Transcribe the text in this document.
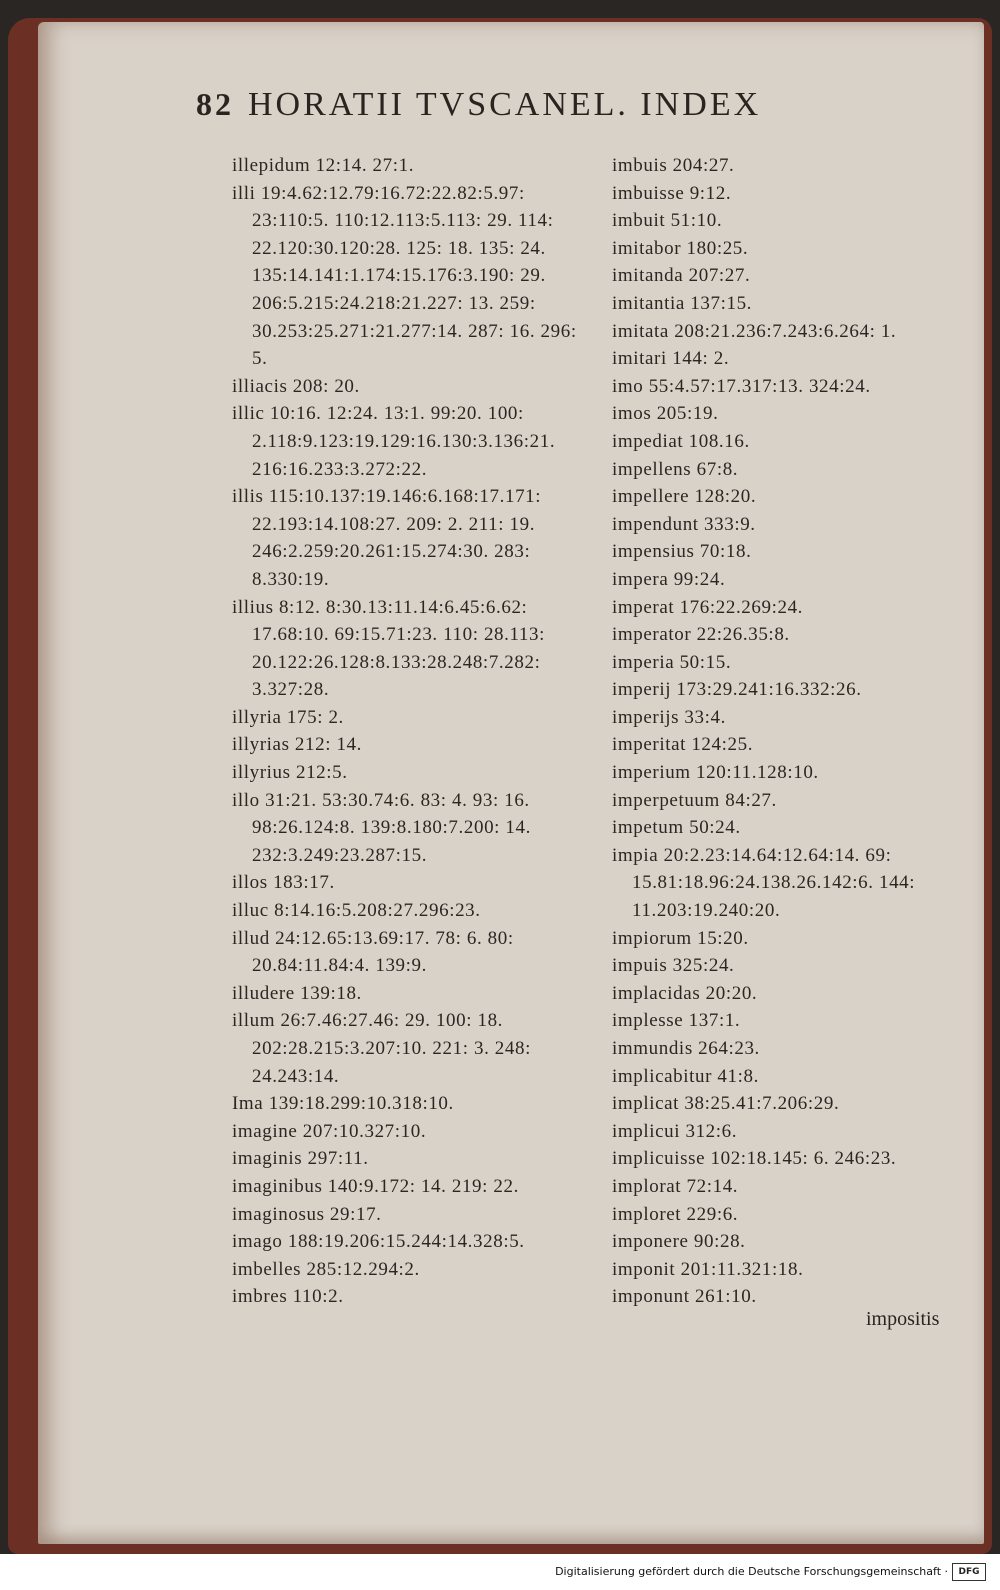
82 HORATII TVSCANEL. INDEX
illepidum 12:14. 27:1.
illi 19:4.62:12.79:16.72:22.82:5.97: 23:110:5. 110:12.113:5.113: 29. 114: 22.120:30.120:28. 125: 18. 135: 24. 135:14.141:1.174:15.176:3.190: 29. 206:5.215:24.218:21.227: 13. 259: 30.253:25.271:21.277:14. 287: 16. 296: 5.
illiacis 208: 20.
illic 10:16. 12:24. 13:1. 99:20. 100: 2.118:9.123:19.129:16.130:3.136:21. 216:16.233:3.272:22.
illis 115:10.137:19.146:6.168:17.171: 22.193:14.108:27. 209: 2. 211: 19. 246:2.259:20.261:15.274:30. 283: 8.330:19.
illius 8:12. 8:30.13:11.14:6.45:6.62: 17.68:10. 69:15.71:23. 110: 28.113: 20.122:26.128:8.133:28.248:7.282: 3.327:28.
illyria 175: 2.
illyrias 212: 14.
illyrius 212:5.
illo 31:21. 53:30.74:6. 83: 4. 93: 16. 98:26.124:8. 139:8.180:7.200: 14. 232:3.249:23.287:15.
illos 183:17.
illuc 8:14.16:5.208:27.296:23.
illud 24:12.65:13.69:17. 78: 6. 80: 20.84:11.84:4. 139:9.
illudere 139:18.
illum 26:7.46:27.46: 29. 100: 18. 202:28.215:3.207:10. 221: 3. 248: 24.243:14.
Ima 139:18.299:10.318:10.
imagine 207:10.327:10.
imaginis 297:11.
imaginibus 140:9.172: 14. 219: 22.
imaginosus 29:17.
imago 188:19.206:15.244:14.328:5.
imbelles 285:12.294:2.
imbres 110:2.
imbuis 204:27.
imbuisse 9:12.
imbuit 51:10.
imitabor 180:25.
imitanda 207:27.
imitantia 137:15.
imitata 208:21.236:7.243:6.264: 1.
imitari 144: 2.
imo 55:4.57:17.317:13. 324:24.
imos 205:19.
impediat 108.16.
impellens 67:8.
impellere 128:20.
impendunt 333:9.
impensius 70:18.
impera 99:24.
imperat 176:22.269:24.
imperator 22:26.35:8.
imperia 50:15.
imperij 173:29.241:16.332:26.
imperijs 33:4.
imperitat 124:25.
imperium 120:11.128:10.
imperpetuum 84:27.
impetum 50:24.
impia 20:2.23:14.64:12.64:14. 69: 15.81:18.96:24.138.26.142:6. 144: 11.203:19.240:20.
impiorum 15:20.
impuis 325:24.
implacidas 20:20.
implesse 137:1.
immundis 264:23.
implicabitur 41:8.
implicat 38:25.41:7.206:29.
implicui 312:6.
implicuisse 102:18.145: 6. 246:23.
implorat 72:14.
imploret 229:6.
imponere 90:28.
imponit 201:11.321:18.
imponunt 261:10.
impositis
Digitalisierung gefördert durch die Deutsche Forschungsgemeinschaft ·	DFG
